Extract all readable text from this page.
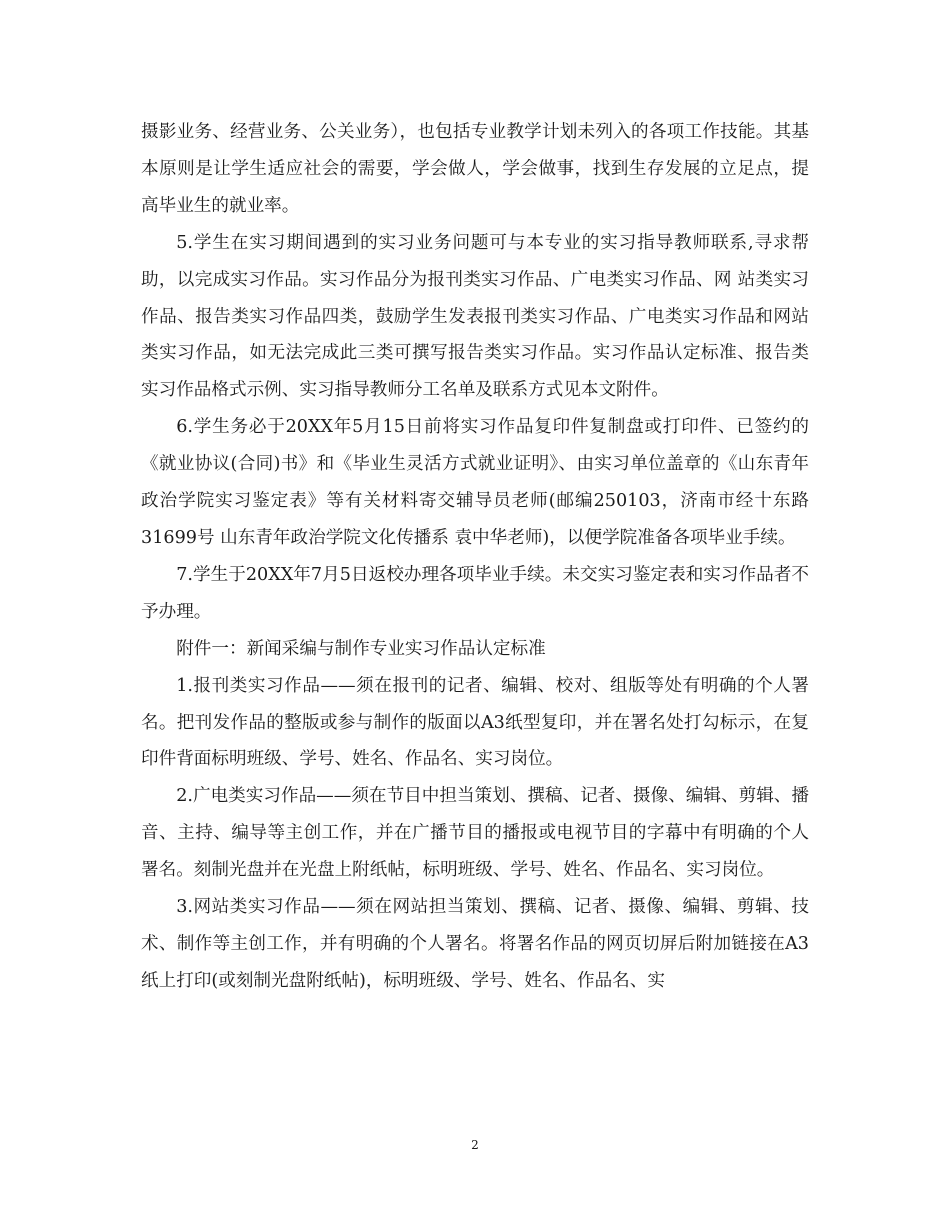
摄影业务、经营业务、公关业务），也包括专业教学计划未列入的各项工作技能。其基本原则是让学生适应社会的需要，学会做人，学会做事，找到生存发展的立足点，提高毕业生的就业率。

5.学生在实习期间遇到的实习业务问题可与本专业的实习指导教师联系,寻求帮助，以完成实习作品。实习作品分为报刊类实习作品、广电类实习作品、网 站类实习作品、报告类实习作品四类，鼓励学生发表报刊类实习作品、广电类实习作品和网站类实习作品，如无法完成此三类可撰写报告类实习作品。实习作品认定标准、报告类实习作品格式示例、实习指导教师分工名单及联系方式见本文附件。

6.学生务必于20XX年5月15日前将实习作品复印件复制盘或打印件、已签约的《就业协议(合同)书》和《毕业生灵活方式就业证明》、由实习单位盖章的《山东青年政治学院实习鉴定表》等有关材料寄交辅导员老师(邮编250103，济南市经十东路31699号 山东青年政治学院文化传播系 袁中华老师)，以便学院准备各项毕业手续。

7.学生于20XX年7月5日返校办理各项毕业手续。未交实习鉴定表和实习作品者不予办理。

附件一：新闻采编与制作专业实习作品认定标准

1.报刊类实习作品——须在报刊的记者、编辑、校对、组版等处有明确的个人署名。把刊发作品的整版或参与制作的版面以A3纸型复印，并在署名处打勾标示，在复印件背面标明班级、学号、姓名、作品名、实习岗位。

2.广电类实习作品——须在节目中担当策划、撰稿、记者、摄像、编辑、剪辑、播音、主持、编导等主创工作，并在广播节目的播报或电视节目的字幕中有明确的个人署名。刻制光盘并在光盘上附纸帖，标明班级、学号、姓名、作品名、实习岗位。

3.网站类实习作品——须在网站担当策划、撰稿、记者、摄像、编辑、剪辑、技术、制作等主创工作，并有明确的个人署名。将署名作品的网页切屏后附加链接在A3纸上打印(或刻制光盘附纸帖)，标明班级、学号、姓名、作品名、实

2
